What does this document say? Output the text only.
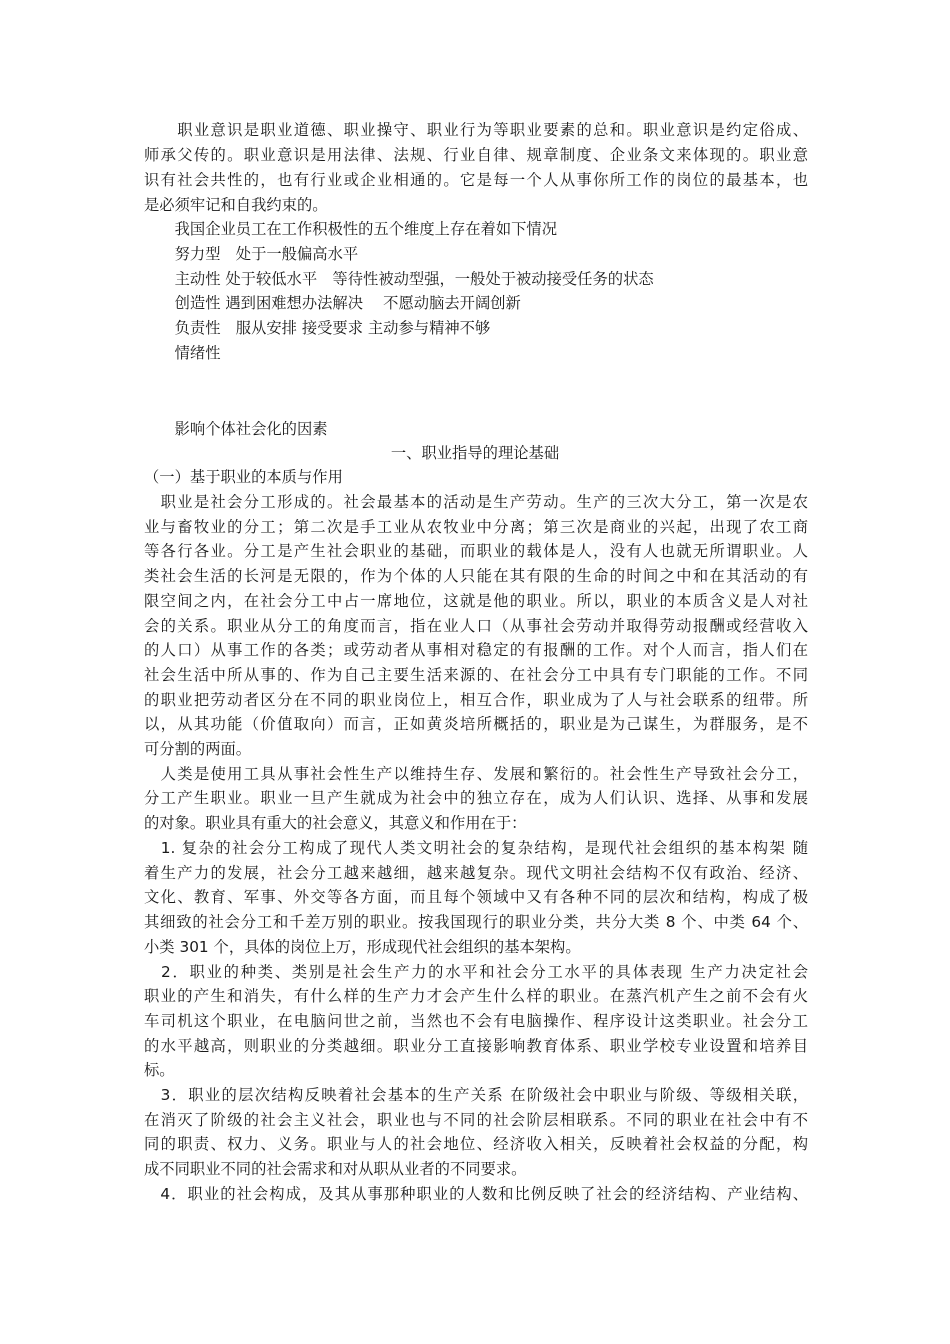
　　职业意识是职业道德、职业操守、职业行为等职业要素的总和。职业意识是约定俗成、
师承父传的。职业意识是用法律、法规、行业自律、规章制度、企业条文来体现的。职业意
识有社会共性的，也有行业或企业相通的。它是每一个人从事你所工作的岗位的最基本，也
是必须牢记和自我约束的。
　　我国企业员工在工作积极性的五个维度上存在着如下情况
　　努力型　处于一般偏高水平
　　主动性 处于较低水平　等待性被动型强，一般处于被动接受任务的状态
　　创造性 遇到困难想办法解决　 不愿动脑去开阔创新
　　负责性　服从安排 接受要求 主动参与精神不够
　　情绪性
　　影响个体社会化的因素
一、职业指导的理论基础
（一）基于职业的本质与作用
　职业是社会分工形成的。社会最基本的活动是生产劳动。生产的三次大分工，第一次是农
业与畜牧业的分工；第二次是手工业从农牧业中分离；第三次是商业的兴起，出现了农工商
等各行各业。分工是产生社会职业的基础，而职业的载体是人，没有人也就无所谓职业。人
类社会生活的长河是无限的，作为个体的人只能在其有限的生命的时间之中和在其活动的有
限空间之内，在社会分工中占一席地位，这就是他的职业。所以，职业的本质含义是人对社
会的关系。职业从分工的角度而言，指在业人口（从事社会劳动并取得劳动报酬或经营收入
的人口）从事工作的各类；或劳动者从事相对稳定的有报酬的工作。对个人而言，指人们在
社会生活中所从事的、作为自己主要生活来源的、在社会分工中具有专门职能的工作。不同
的职业把劳动者区分在不同的职业岗位上，相互合作，职业成为了人与社会联系的纽带。所
以，从其功能（价值取向）而言，正如黄炎培所概括的，职业是为己谋生，为群服务，是不
可分割的两面。
　人类是使用工具从事社会性生产以维持生存、发展和繁衍的。社会性生产导致社会分工，
分工产生职业。职业一旦产生就成为社会中的独立存在，成为人们认识、选择、从事和发展
的对象。职业具有重大的社会意义，其意义和作用在于：
　1. 复杂的社会分工构成了现代人类文明社会的复杂结构，是现代社会组织的基本构架 随
着生产力的发展，社会分工越来越细，越来越复杂。现代文明社会结构不仅有政治、经济、
文化、教育、军事、外交等各方面，而且每个领域中又有各种不同的层次和结构，构成了极
其细致的社会分工和千差万别的职业。按我国现行的职业分类，共分大类 8 个、中类 64 个、
小类 301 个，具体的岗位上万，形成现代社会组织的基本架构。
　2．职业的种类、类别是社会生产力的水平和社会分工水平的具体表现 生产力决定社会
职业的产生和消失，有什么样的生产力才会产生什么样的职业。在蒸汽机产生之前不会有火
车司机这个职业，在电脑问世之前，当然也不会有电脑操作、程序设计这类职业。社会分工
的水平越高，则职业的分类越细。职业分工直接影响教育体系、职业学校专业设置和培养目
标。
　3．职业的层次结构反映着社会基本的生产关系 在阶级社会中职业与阶级、等级相关联，
在消灭了阶级的社会主义社会，职业也与不同的社会阶层相联系。不同的职业在社会中有不
同的职责、权力、义务。职业与人的社会地位、经济收入相关，反映着社会权益的分配，构
成不同职业不同的社会需求和对从职从业者的不同要求。
　4．职业的社会构成，及其从事那种职业的人数和比例反映了社会的经济结构、产业结构、
